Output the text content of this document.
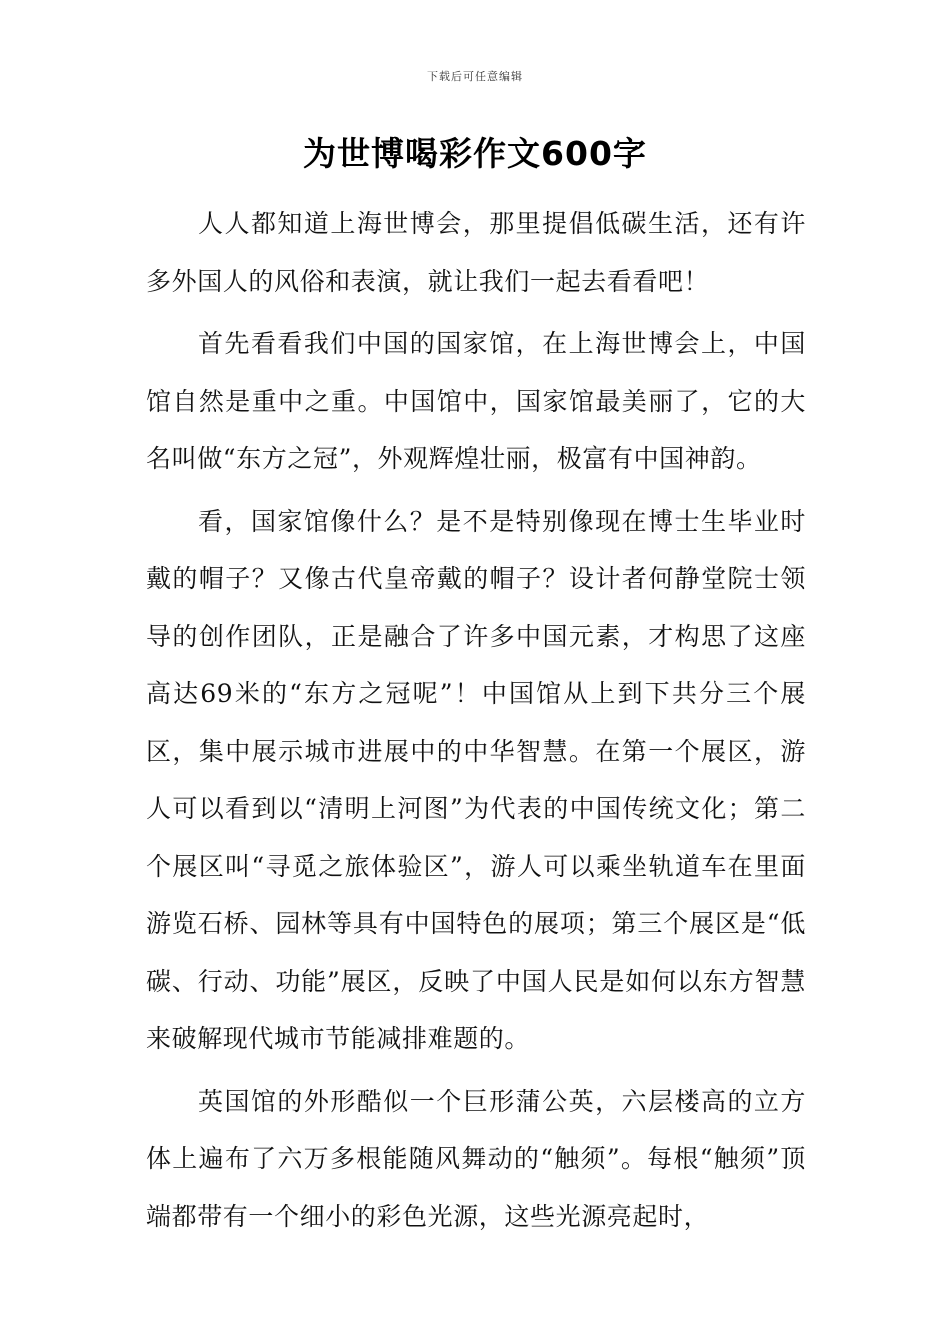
下载后可任意编辑
为世博喝彩作文600字

人人都知道上海世博会，那里提倡低碳生活，还有许多外国人的风俗和表演，就让我们一起去看看吧！

首先看看我们中国的国家馆，在上海世博会上，中国馆自然是重中之重。中国馆中，国家馆最美丽了，它的大名叫做“东方之冠”，外观辉煌壮丽，极富有中国神韵。

看，国家馆像什么？是不是特别像现在博士生毕业时戴的帽子？又像古代皇帝戴的帽子？设计者何静堂院士领导的创作团队，正是融合了许多中国元素，才构思了这座高达69米的“东方之冠呢”！中国馆从上到下共分三个展区，集中展示城市进展中的中华智慧。在第一个展区，游人可以看到以“清明上河图”为代表的中国传统文化；第二个展区叫“寻觅之旅体验区”，游人可以乘坐轨道车在里面游览石桥、园林等具有中国特色的展项；第三个展区是“低碳、行动、功能”展区，反映了中国人民是如何以东方智慧来破解现代城市节能减排难题的。

英国馆的外形酷似一个巨形蒲公英，六层楼高的立方体上遍布了六万多根能随风舞动的“触须”。每根“触须”顶端都带有一个细小的彩色光源，这些光源亮起时，
